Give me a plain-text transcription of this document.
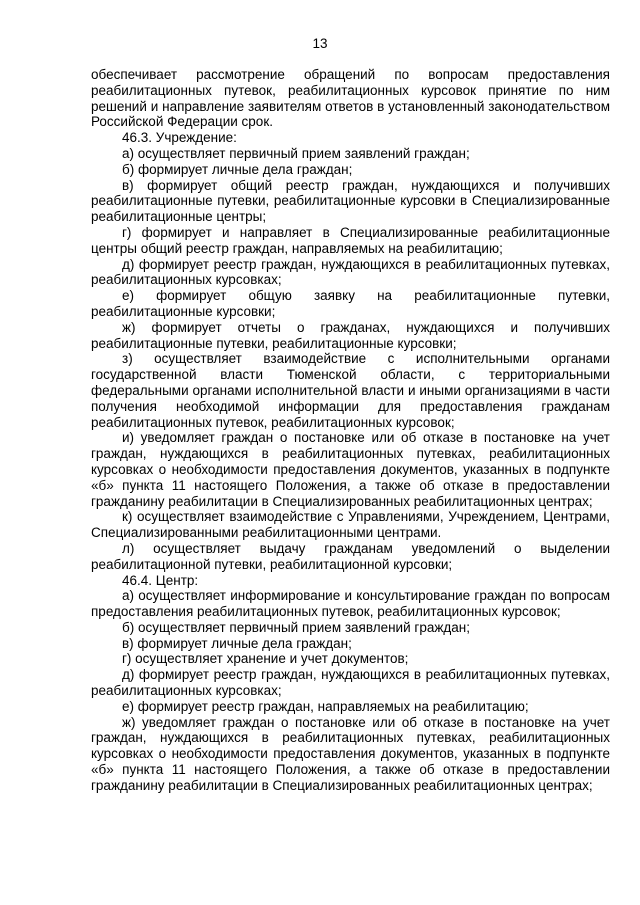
13

обеспечивает рассмотрение обращений по вопросам предоставления реабилитационных путевок, реабилитационных курсовок принятие по ним решений и направление заявителям ответов в установленный законодательством Российской Федерации срок.

46.3. Учреждение:

а) осуществляет первичный прием заявлений граждан;

б) формирует личные дела граждан;

в) формирует общий реестр граждан, нуждающихся и получивших реабилитационные путевки, реабилитационные курсовки в Специализированные реабилитационные центры;

г) формирует и направляет в Специализированные реабилитационные центры общий реестр граждан, направляемых на реабилитацию;

д) формирует реестр граждан, нуждающихся в реабилитационных путевках, реабилитационных курсовках;

е) формирует общую заявку на реабилитационные путевки, реабилитационные курсовки;

ж) формирует отчеты о гражданах, нуждающихся и получивших реабилитационные путевки, реабилитационные курсовки;

з) осуществляет взаимодействие с исполнительными органами государственной власти Тюменской области, с территориальными федеральными органами исполнительной власти и иными организациями в части получения необходимой информации для предоставления гражданам реабилитационных путевок, реабилитационных курсовок;

и) уведомляет граждан о постановке или об отказе в постановке на учет граждан, нуждающихся в реабилитационных путевках, реабилитационных курсовках о необходимости предоставления документов, указанных в подпункте «б» пункта 11 настоящего Положения, а также об отказе в предоставлении гражданину реабилитации в Специализированных реабилитационных центрах;

к) осуществляет взаимодействие с Управлениями, Учреждением, Центрами, Специализированными реабилитационными центрами.

л) осуществляет выдачу гражданам уведомлений о выделении реабилитационной путевки, реабилитационной курсовки;

46.4. Центр:

а) осуществляет информирование и консультирование граждан по вопросам предоставления реабилитационных путевок, реабилитационных курсовок;

б) осуществляет первичный прием заявлений граждан;

в) формирует личные дела граждан;

г) осуществляет хранение и учет документов;

д) формирует реестр граждан, нуждающихся в реабилитационных путевках, реабилитационных курсовках;

е) формирует реестр граждан, направляемых на реабилитацию;

ж) уведомляет граждан о постановке или об отказе в постановке на учет граждан, нуждающихся в реабилитационных путевках, реабилитационных курсовках о необходимости предоставления документов, указанных в подпункте «б» пункта 11 настоящего Положения, а также об отказе в предоставлении гражданину реабилитации в Специализированных реабилитационных центрах;
